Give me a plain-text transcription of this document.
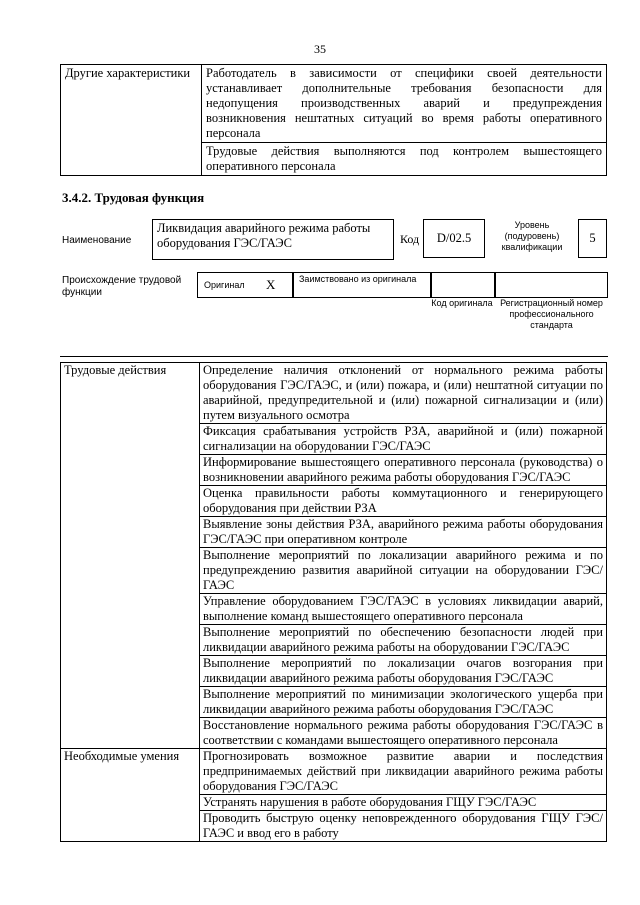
35
Другие характеристики	Работодатель в зависимости от специфики своей деятельности устанавливает дополнительные требования безопасности для недопущения производственных аварий и предупреждения возникновения нештатных ситуаций во время работы оперативного персонала
Трудовые действия выполняются под контролем вышестоящего оперативного персонала
3.4.2. Трудовая функция
Наименование
Ликвидация аварийного режима работы оборудования ГЭС/ГАЭС	Код	D/02.5
Уровень (подуровень) квалификации
5
Происхождение трудовой функции
Оригинал X	Заимствовано из оригинала
Код оригинала Регистрационный номер профессионального стандарта
Трудовые действия	Определение наличия отклонений от нормального режима работы оборудования ГЭС/ГАЭС, и (или) пожара, и (или) нештатной ситуации по аварийной, предупредительной и (или) пожарной сигнализации и (или) путем визуального осмотра
	Фиксация срабатывания устройств РЗА, аварийной и (или) пожарной сигнализации на оборудовании ГЭС/ГАЭС
	Информирование вышестоящего оперативного персонала (руководства) о возникновении аварийного режима работы оборудования ГЭС/ГАЭС
	Оценка правильности работы коммутационного и генерирующего оборудования при действии РЗА
	Выявление зоны действия РЗА, аварийного режима работы оборудования ГЭС/ГАЭС при оперативном контроле
	Выполнение мероприятий по локализации аварийного режима и по предупреждению развития аварийной ситуации на оборудовании ГЭС/ГАЭС
	Управление оборудованием ГЭС/ГАЭС в условиях ликвидации аварий, выполнение команд вышестоящего оперативного персонала
	Выполнение мероприятий по обеспечению безопасности людей при ликвидации аварийного режима работы на оборудовании ГЭС/ГАЭС
	Выполнение мероприятий по локализации очагов возгорания при ликвидации аварийного режима работы оборудования ГЭС/ГАЭС
	Выполнение мероприятий по минимизации экологического ущерба при ликвидации аварийного режима работы оборудования ГЭС/ГАЭС
	Восстановление нормального режима работы оборудования ГЭС/ГАЭС в соответствии с командами вышестоящего оперативного персонала
Необходимые умения	Прогнозировать возможное развитие аварии и последствия предпринимаемых действий при ликвидации аварийного режима работы оборудования ГЭС/ГАЭС
	Устранять нарушения в работе оборудования ГЩУ ГЭС/ГАЭС
	Проводить быструю оценку неповрежденного оборудования ГЩУ ГЭС/ГАЭС и ввод его в работу
